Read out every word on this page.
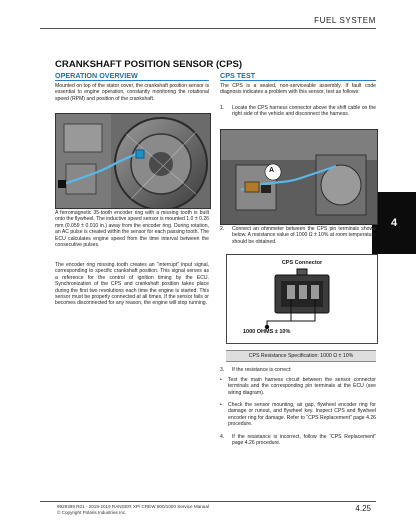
FUEL SYSTEM
CRANKSHAFT POSITION SENSOR (CPS)
4
OPERATION OVERVIEW
Mounted on top of the stator cover, the crankshaft position sensor is essential to engine operation, constantly monitoring the rotational speed (RPM) and position of the crankshaft.
A ferromagnetic 35-tooth encoder ring with a missing tooth is built onto the flywheel. The inductive speed sensor is mounted 1.0 ± 0.26 mm (0.059 ± 0.010 in.) away from the encoder ring. During rotation, an AC pulse is created within the sensor for each passing tooth. The ECU calculates engine speed from the time interval between the consecutive pulses.
The encoder ring missing tooth creates an “interrupt” input signal, corresponding to specific crankshaft position. This signal serves as a reference for the control of ignition timing by the ECU. Synchronization of the CPS and crankshaft position takes place during the first two revolutions each time the engine is started. This sensor must be properly connected at all times. If the sensor fails or becomes disconnected for any reason, the engine will stop running.
CPS TEST
The CPS is a sealed, non-serviceable assembly. If fault code diagnosis indicates a problem with this sensor, test as follows:
1.	Locate the CPS harness connector above the shift cable on the right side of the vehicle and disconnect the harness.
A
2.	Connect an ohmmeter between the CPS pin terminals shown below. A resistance value of 1000 Ω ± 10% at room temperature should be obtained.
CPS Connector
1000 OHMS ± 10%
CPS Resistance Specification: 1000 Ω ± 10%
3.	If the resistance is correct:
•	Test the main harness circuit between the sensor connector terminals and the corresponding pin terminals at the ECU (see wiring diagram).
•	Check the sensor mounting, air gap, flywheel encoder ring for damage or runout, and flywheel key. Inspect CPS and flywheel encoder ring for damage. Refer to “CPS Replacement” page 4.26 procedure.
4.	If the resistance is incorrect, follow the “CPS Replacement” page 4.26 procedure.
9929399 R01 - 2018-2019 RANGER XP/ CREW 900/1000 Service Manual
© Copyright Polaris Industries Inc.	4.25
